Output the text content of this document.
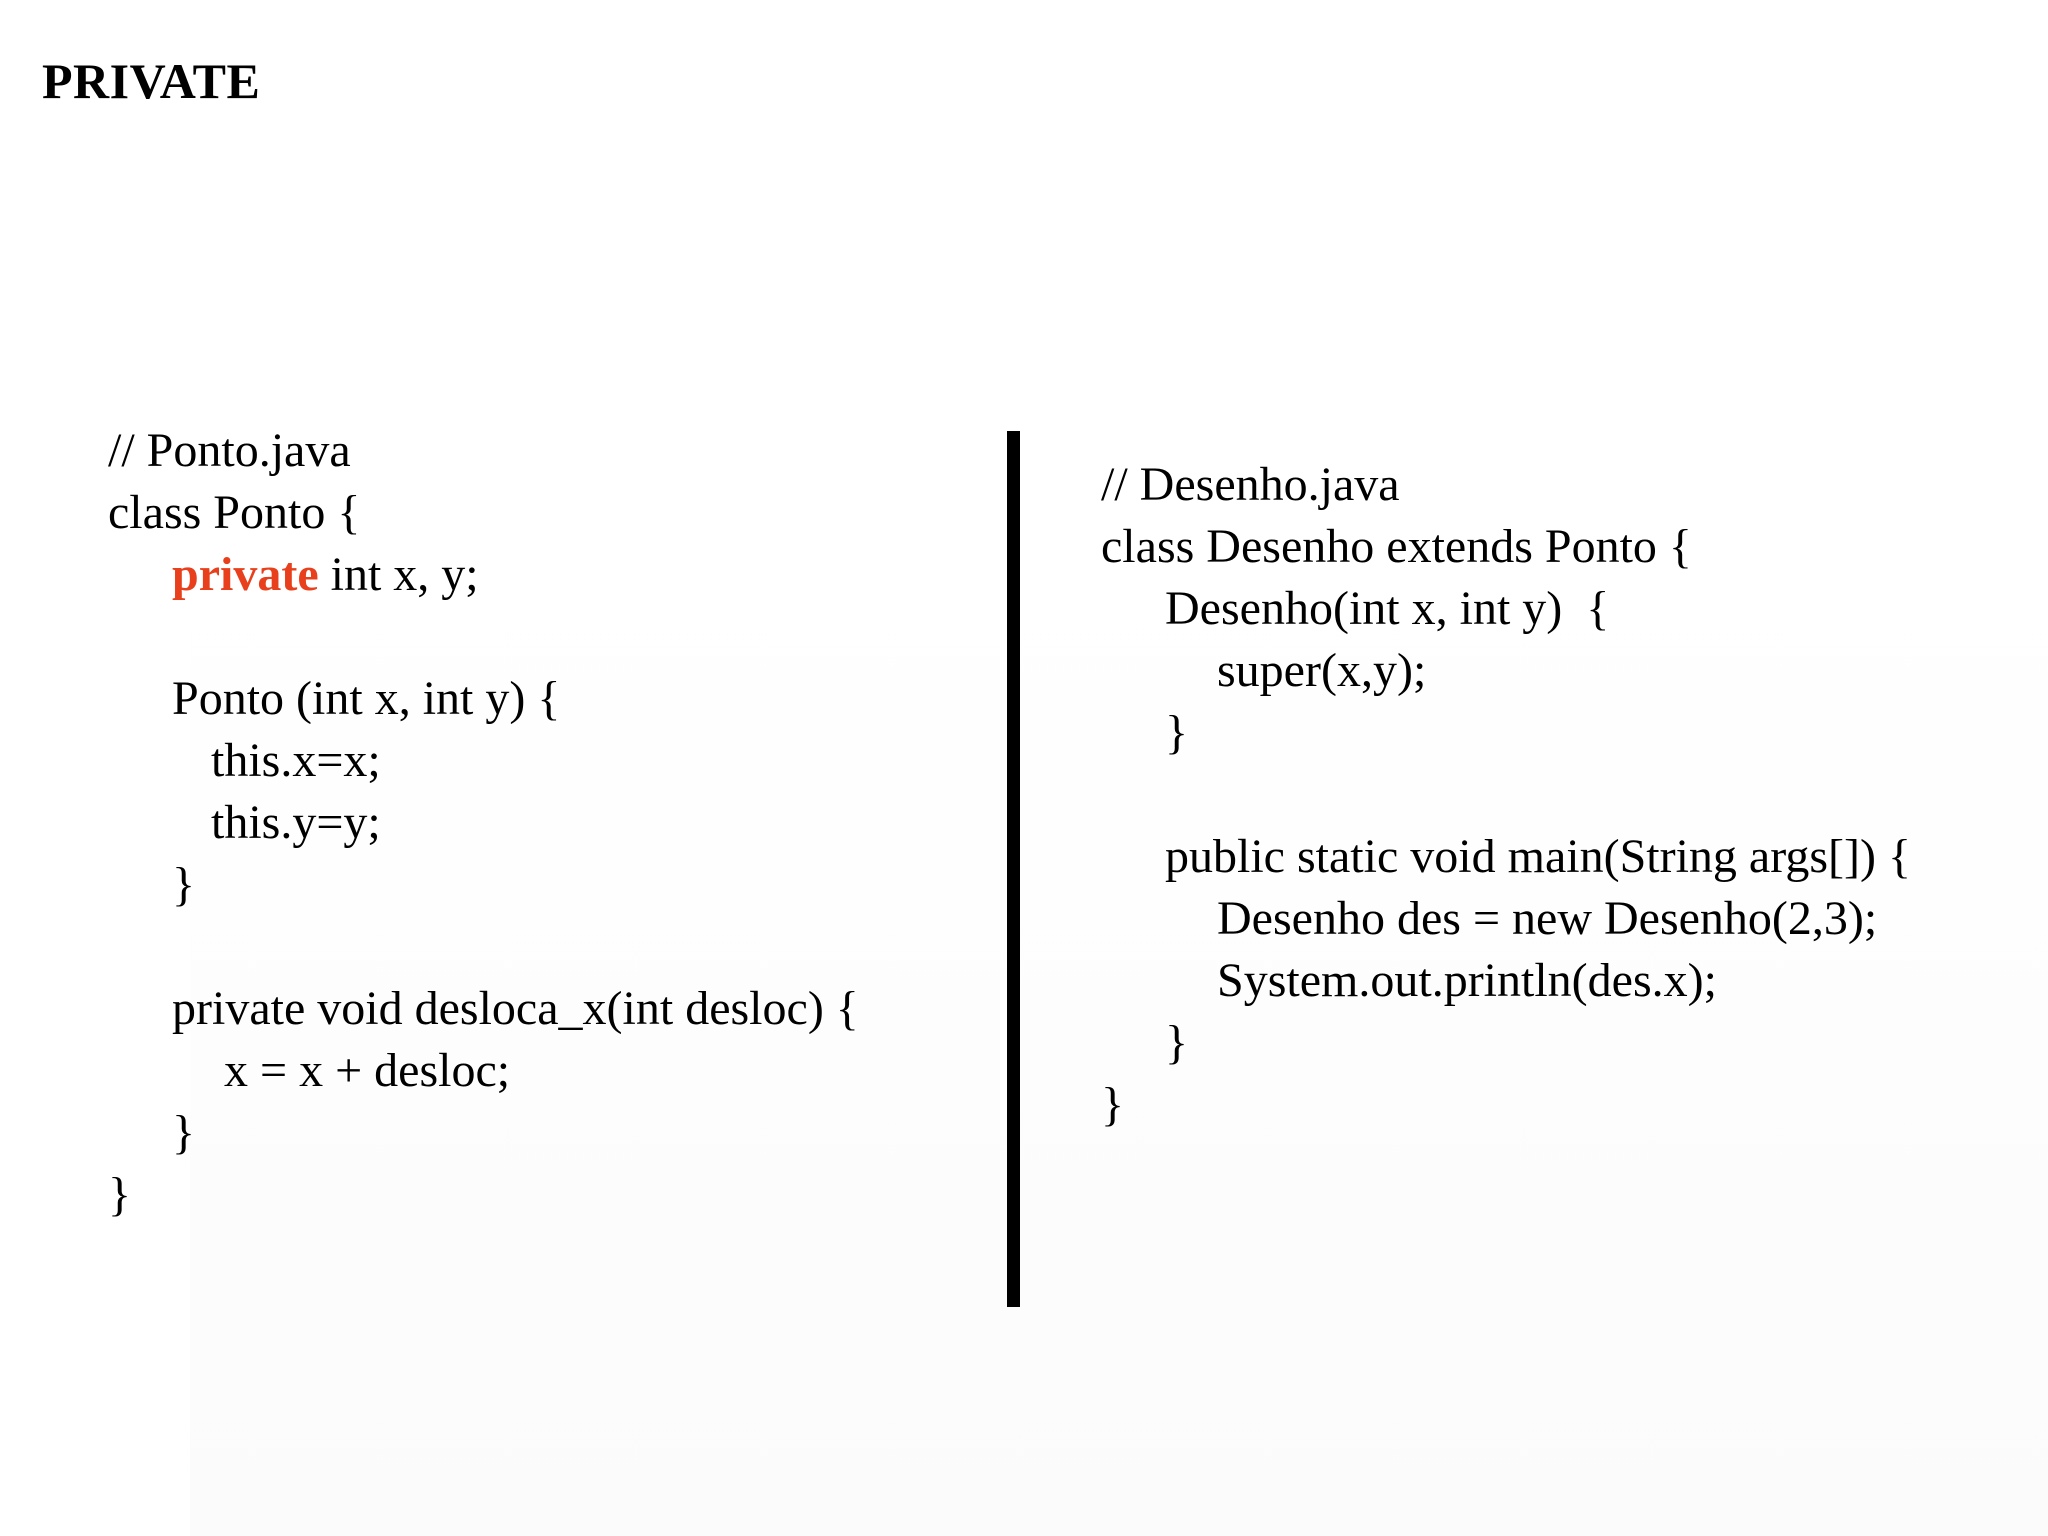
PRIVATE
// Ponto.java
class Ponto {
private int x, y;
Ponto (int x, int y) {
this.x=x;
this.y=y;
}
private void desloca_x(int desloc) {
x = x + desloc;
}
}
// Desenho.java
class Desenho extends Ponto {
Desenho(int x, int y)  {
super(x,y);
}
public static void main(String args[]) {
Desenho des = new Desenho(2,3);
System.out.println(des.x);
}
}
